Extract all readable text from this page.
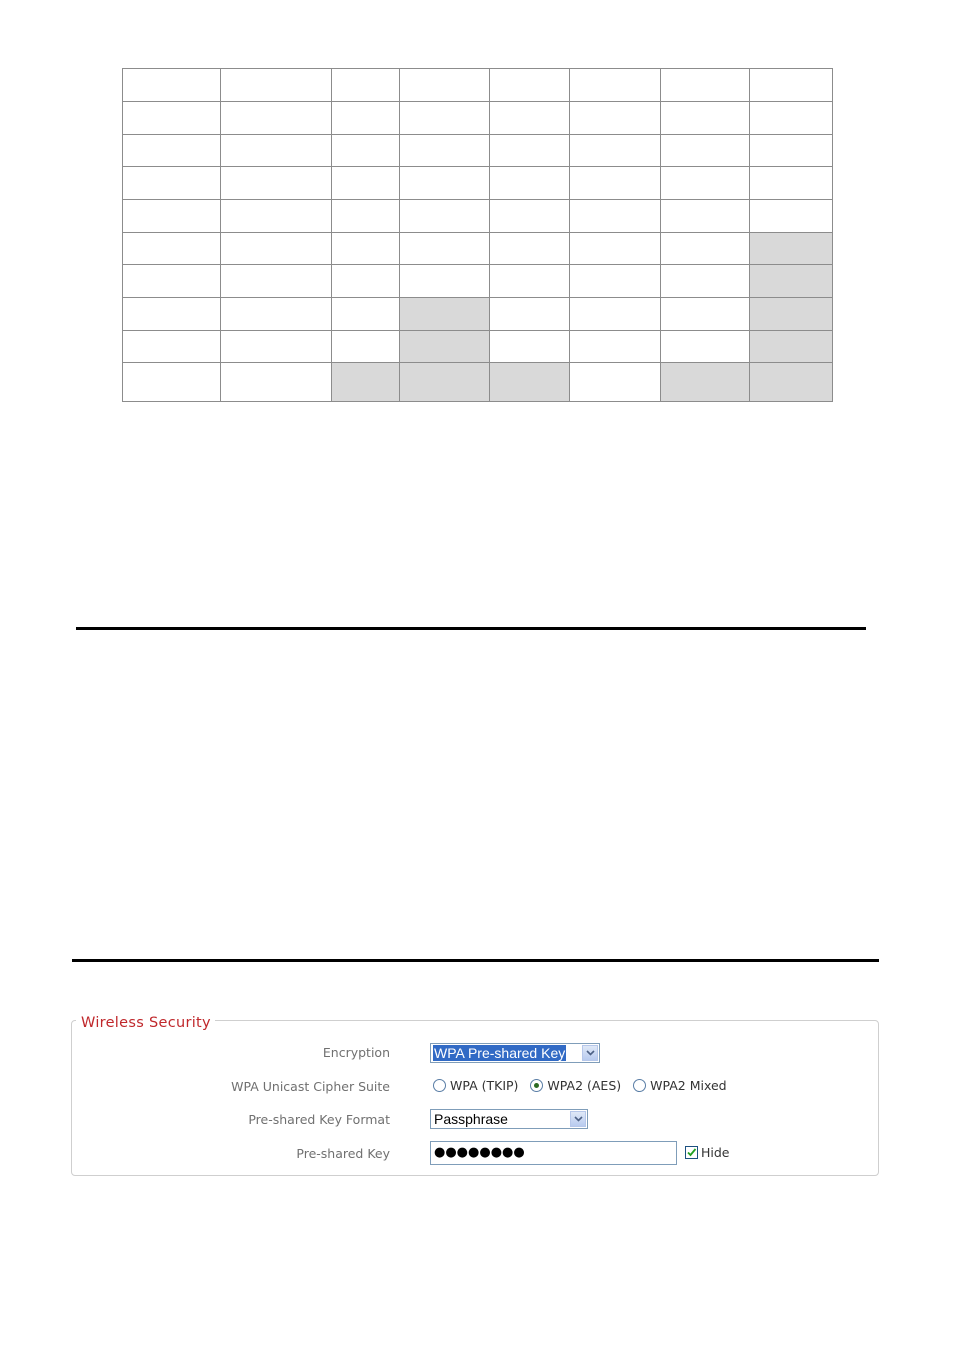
Wireless Security
Encryption	WPA Pre-shared Key
WPA Unicast Cipher Suite	WPA (TKIP)
WPA2 (AES)
WPA2 Mixed
Pre-shared Key Format	Passphrase
Pre-shared Key	●●●●●●●●	Hide
